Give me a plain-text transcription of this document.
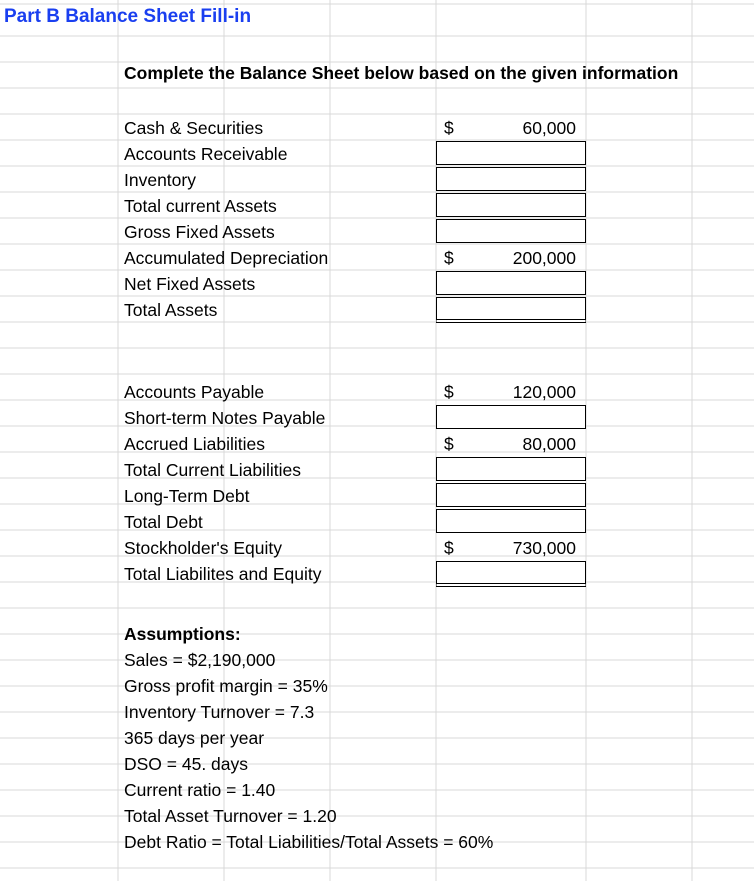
Part B Balance Sheet Fill-in
Complete the Balance Sheet below based on the given information
Cash & Securities	$	60,000
Accounts Receivable
Inventory
Total current Assets
Gross Fixed Assets
Accumulated Depreciation	$	200,000
Net Fixed Assets
Total Assets
Accounts Payable	$	120,000
Short-term Notes Payable
Accrued Liabilities	$	80,000
Total Current Liabilities
Long-Term Debt
Total Debt
Stockholder's Equity	$	730,000
Total Liabilites and Equity
Assumptions:
Sales = $2,190,000
Gross profit margin = 35%
Inventory Turnover = 7.3
365 days per year
DSO = 45. days
Current ratio = 1.40
Total Asset Turnover = 1.20
Debt Ratio = Total Liabilities/Total Assets = 60%
